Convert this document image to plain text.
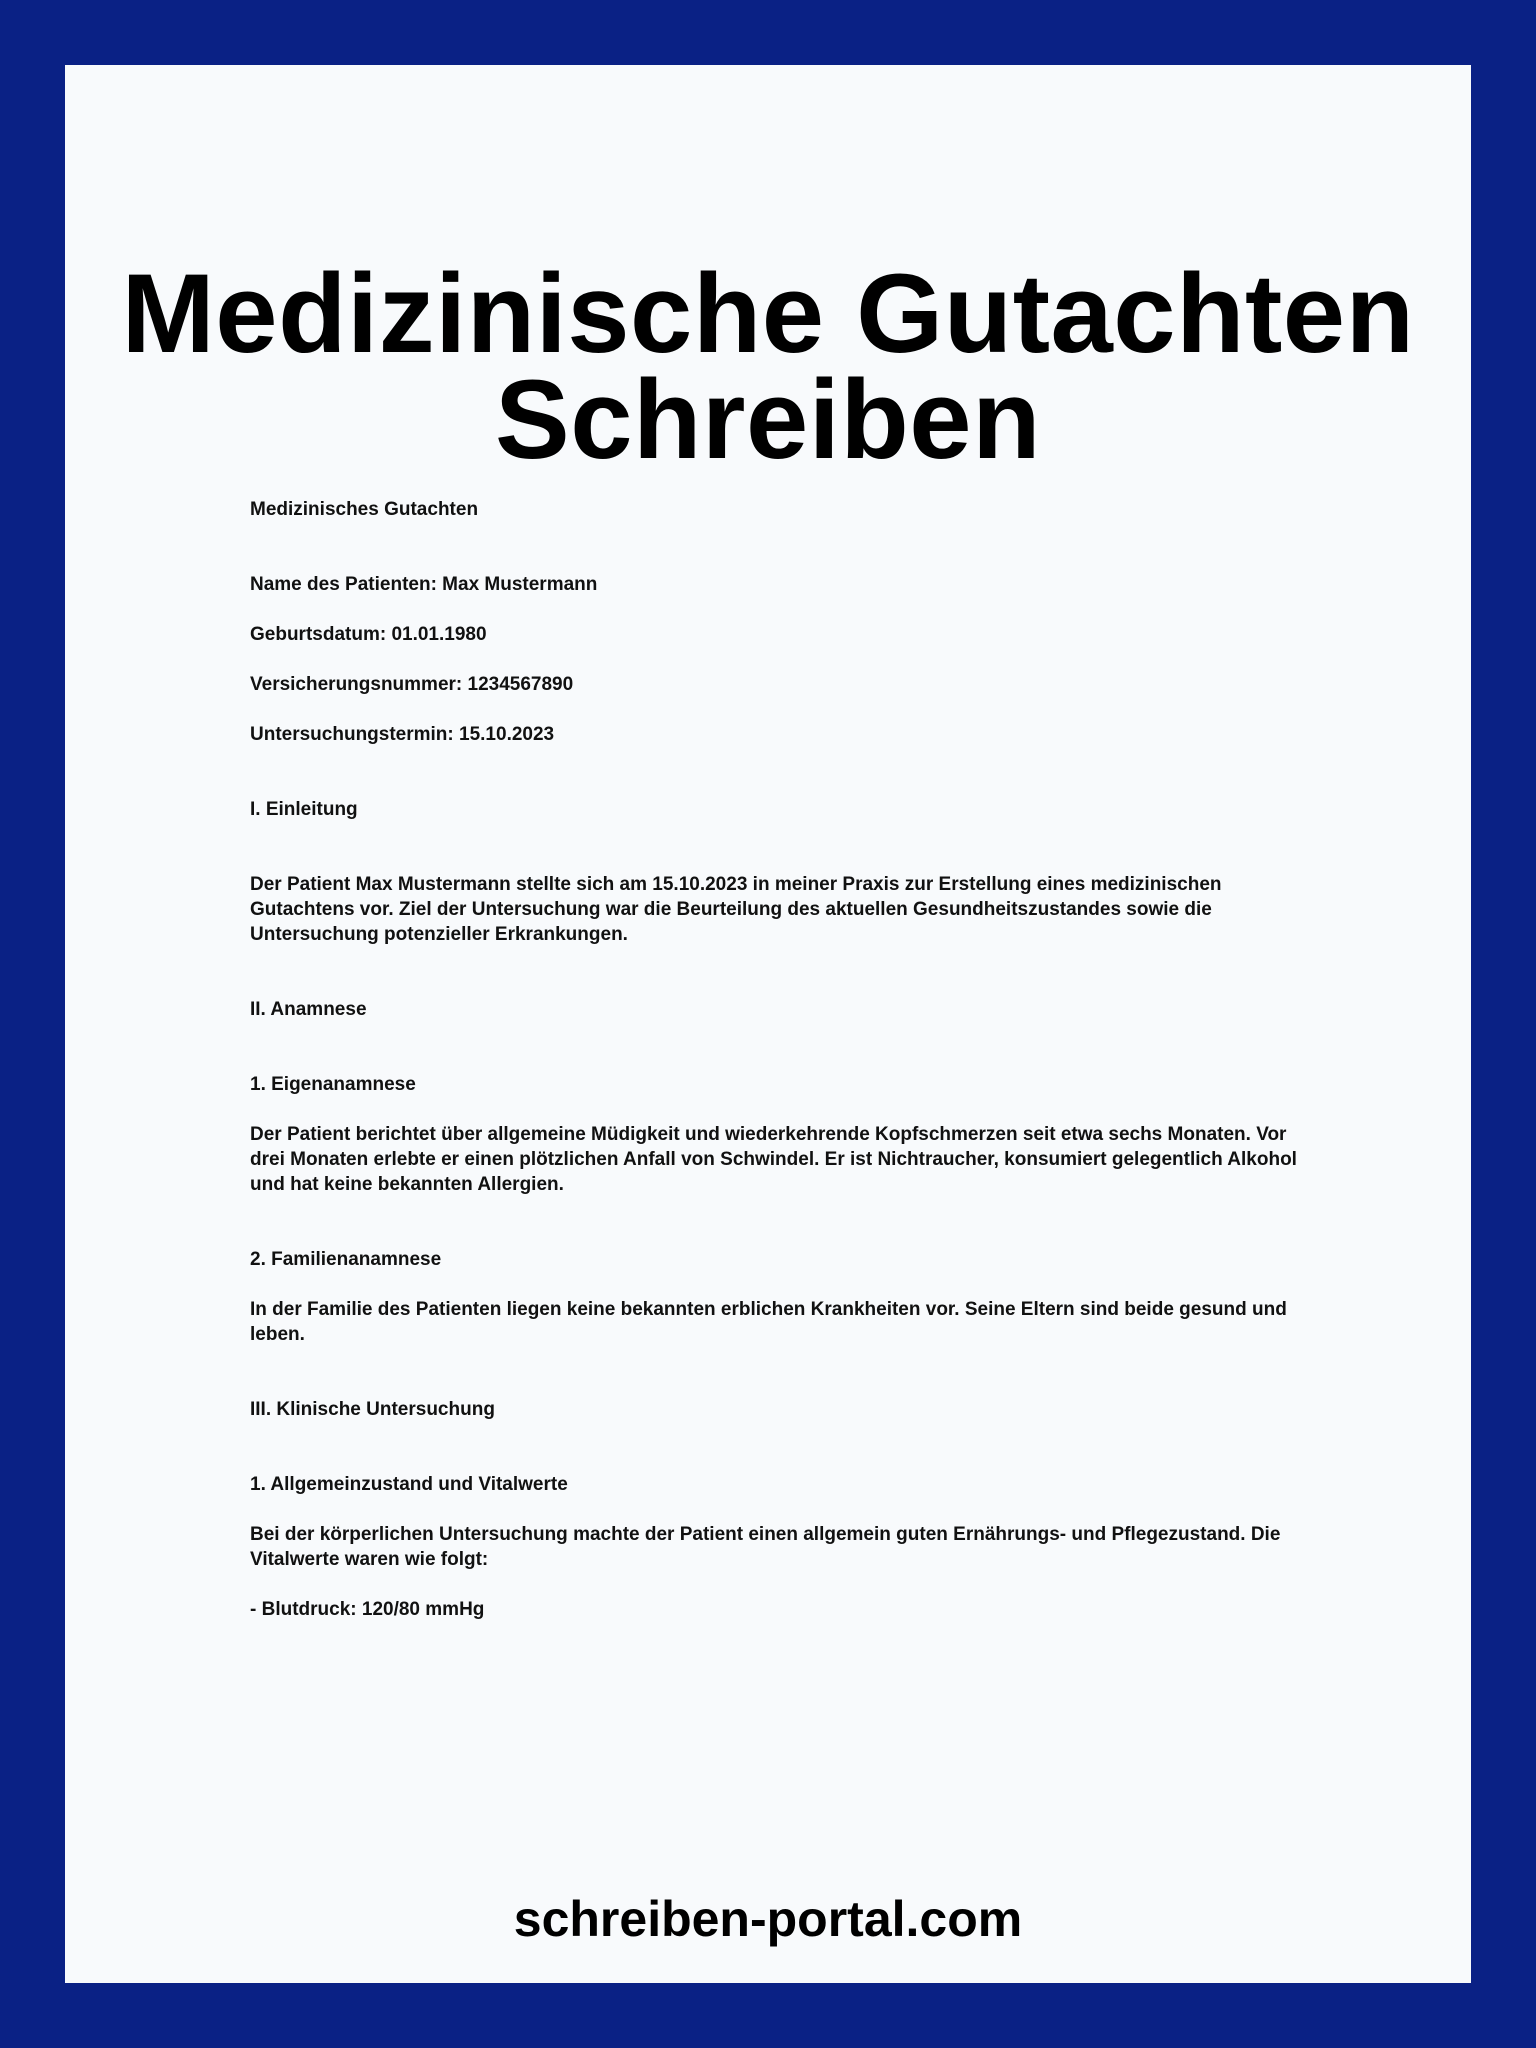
Medizinische Gutachten
Schreiben

Medizinisches Gutachten

Name des Patienten: Max Mustermann

Geburtsdatum: 01.01.1980

Versicherungsnummer: 1234567890

Untersuchungstermin: 15.10.2023

I. Einleitung

Der Patient Max Mustermann stellte sich am 15.10.2023 in meiner Praxis zur Erstellung eines medizinischen Gutachtens vor. Ziel der Untersuchung war die Beurteilung des aktuellen Gesundheitszustandes sowie die Untersuchung potenzieller Erkrankungen.

II. Anamnese

1. Eigenanamnese

Der Patient berichtet über allgemeine Müdigkeit und wiederkehrende Kopfschmerzen seit etwa sechs Monaten. Vor drei Monaten erlebte er einen plötzlichen Anfall von Schwindel. Er ist Nichtraucher, konsumiert gelegentlich Alkohol und hat keine bekannten Allergien.

2. Familienanamnese

In der Familie des Patienten liegen keine bekannten erblichen Krankheiten vor. Seine Eltern sind beide gesund und leben.

III. Klinische Untersuchung

1. Allgemeinzustand und Vitalwerte

Bei der körperlichen Untersuchung machte der Patient einen allgemein guten Ernährungs- und Pflegezustand. Die Vitalwerte waren wie folgt:

- Blutdruck: 120/80 mmHg

schreiben-portal.com
